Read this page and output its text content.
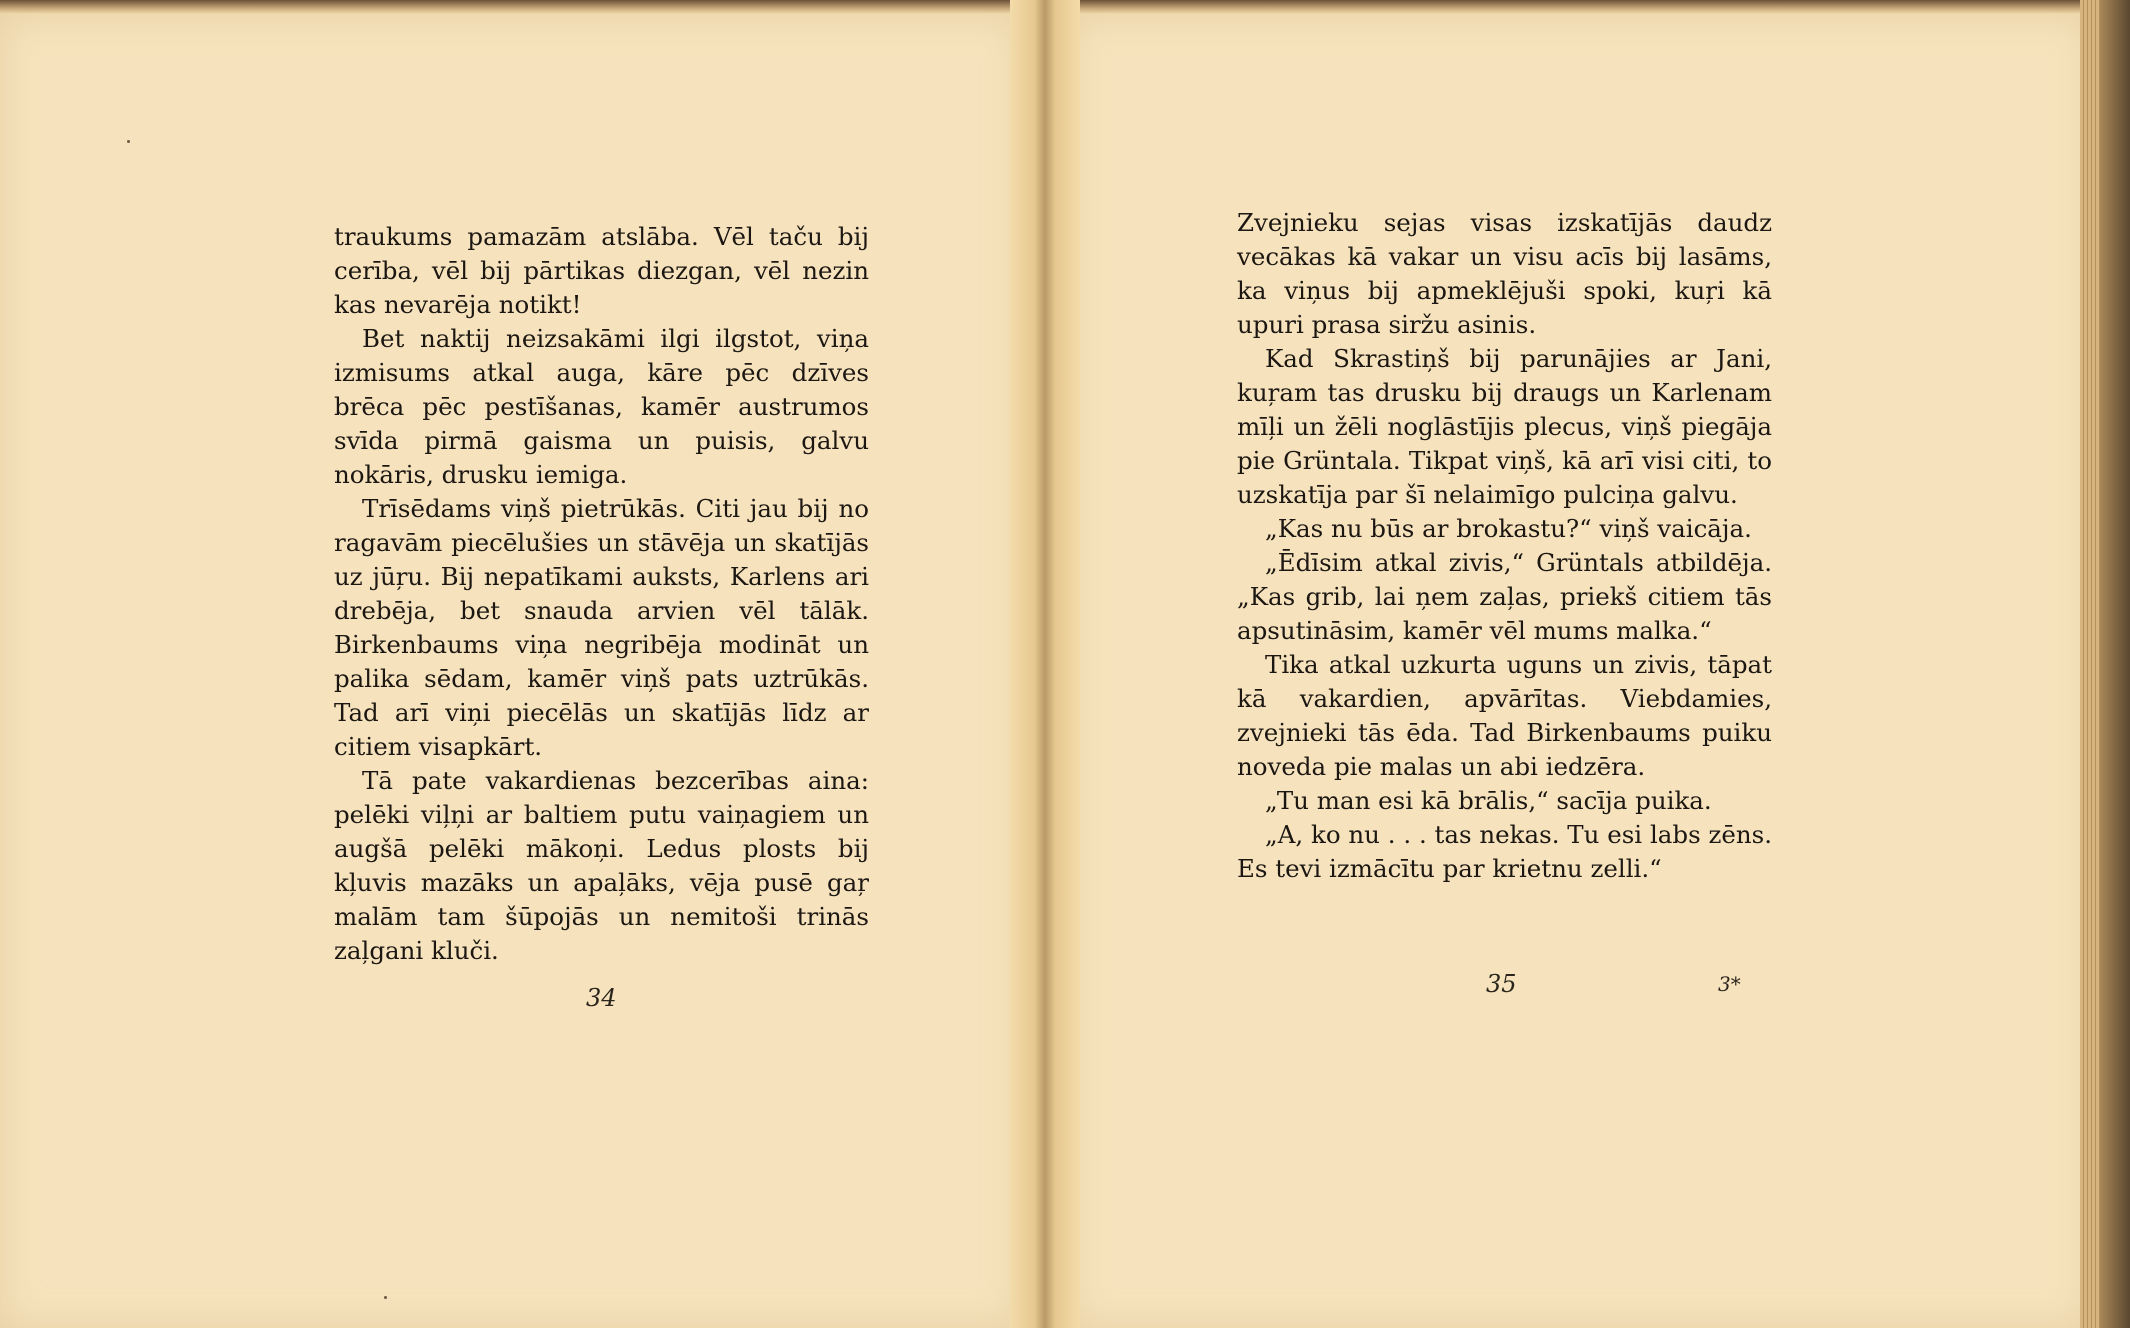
traukums pamazām atslāba. Vēl taču bij cerība, vēl bij pārtikas diezgan, vēl nezin kas nevarēja notikt!

Bet naktij neizsakāmi ilgi ilgstot, viņa izmisums atkal auga, kāre pēc dzīves brēca pēc pestīšanas, kamēr austrumos svīda pirmā gaisma un puisis, galvu nokāris, drusku iemiga.

Trīsēdams viņš pietrūkās. Citi jau bij no ragavām piecēlušies un stāvēja un skatījās uz jūŗu. Bij nepatīkami auksts, Karlens ari drebēja, bet snauda arvien vēl tālāk. Birkenbaums viņa negribēja modināt un palika sēdam, kamēr viņš pats uztrūkās. Tad arī viņi piecēlās un skatījās līdz ar citiem visapkārt.

Tā pate vakardienas bezcerības aina: pelēki viļņi ar baltiem putu vaiņagiem un augšā pelēki mākoņi. Ledus plosts bij kļuvis mazāks un apaļāks, vēja pusē gaŗ malām tam šūpojās un nemitoši trinās zaļgani kluči.

34

Zvejnieku sejas visas izskatījās daudz vecākas kā vakar un visu acīs bij lasāms, ka viņus bij apmeklējuši spoki, kuŗi kā upuri prasa siržu asinis.

Kad Skrastiņš bij parunājies ar Jani, kuŗam tas drusku bij draugs un Karlenam mīļi un žēli noglāstījis plecus, viņš piegāja pie Grüntala. Tikpat viņš, kā arī visi citi, to uzskatīja par šī nelaimīgo pulciņa galvu.

„Kas nu būs ar brokastu?“ viņš vaicāja.

„Ēdīsim atkal zivis,“ Grüntals atbildēja. „Kas grib, lai ņem zaļas, priekš citiem tās apsutināsim, kamēr vēl mums malka.“

Tika atkal uzkurta uguns un zivis, tāpat kā vakardien, apvārītas. Viebdamies, zvejnieki tās ēda. Tad Birkenbaums puiku noveda pie malas un abi iedzēra.

„Tu man esi kā brālis,“ sacīja puika.

„A, ko nu . . . tas nekas. Tu esi labs zēns. Es tevi izmācītu par krietnu zelli.“

35	3*
